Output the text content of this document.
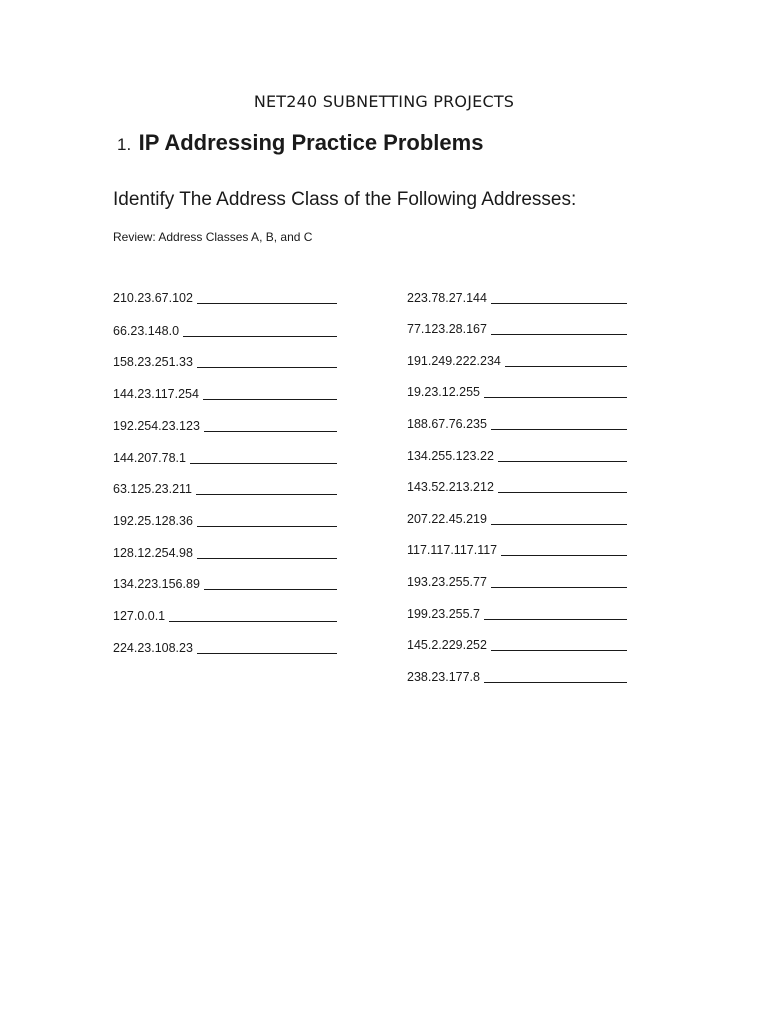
NET240 SUBNETTING PROJECTS
1. IP Addressing Practice Problems
Identify The Address Class of the Following Addresses:
Review: Address Classes A, B, and C
210.23.67.102
66.23.148.0
158.23.251.33
144.23.117.254
192.254.23.123
144.207.78.1
63.125.23.211
192.25.128.36
128.12.254.98
134.223.156.89
127.0.0.1
224.23.108.23
223.78.27.144
77.123.28.167
191.249.222.234
19.23.12.255
188.67.76.235
134.255.123.22
143.52.213.212
207.22.45.219
117.117.117.117
193.23.255.77
199.23.255.7
145.2.229.252
238.23.177.8
